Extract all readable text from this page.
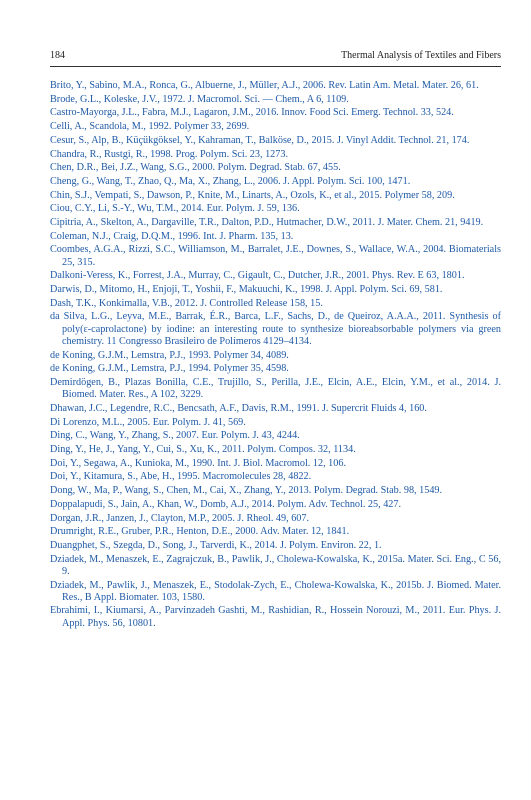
184	Thermal Analysis of Textiles and Fibers
Brito, Y., Sabino, M.A., Ronca, G., Albuerne, J., Müller, A.J., 2006. Rev. Latin Am. Metal. Mater. 26, 61.
Brode, G.L., Koleske, J.V., 1972. J. Macromol. Sci. — Chem., A 6, 1109.
Castro-Mayorga, J.L., Fabra, M.J., Lagaron, J.M., 2016. Innov. Food Sci. Emerg. Technol. 33, 524.
Celli, A., Scandola, M., 1992. Polymer 33, 2699.
Cesur, S., Alp, B., Küçükgöksel, Y., Kahraman, T., Balköse, D., 2015. J. Vinyl Addit. Technol. 21, 174.
Chandra, R., Rustgi, R., 1998. Prog. Polym. Sci. 23, 1273.
Chen, D.R., Bei, J.Z., Wang, S.G., 2000. Polym. Degrad. Stab. 67, 455.
Cheng, G., Wang, T., Zhao, Q., Ma, X., Zhang, L., 2006. J. Appl. Polym. Sci. 100, 1471.
Chin, S.J., Vempati, S., Dawson, P., Knite, M., Linarts, A., Ozols, K., et al., 2015. Polymer 58, 209.
Ciou, C.Y., Li, S.-Y., Wu, T.M., 2014. Eur. Polym. J. 59, 136.
Cipitria, A., Skelton, A., Dargaville, T.R., Dalton, P.D., Hutmacher, D.W., 2011. J. Mater. Chem. 21, 9419.
Coleman, N.J., Craig, D.Q.M., 1996. Int. J. Pharm. 135, 13.
Coombes, A.G.A., Rizzi, S.C., Williamson, M., Barralet, J.E., Downes, S., Wallace, W.A., 2004. Biomaterials 25, 315.
Dalkoni-Veress, K., Forrest, J.A., Murray, C., Gigault, C., Dutcher, J.R., 2001. Phys. Rev. E 63, 1801.
Darwis, D., Mitomo, H., Enjoji, T., Yoshii, F., Makuuchi, K., 1998. J. Appl. Polym. Sci. 69, 581.
Dash, T.K., Konkimalla, V.B., 2012. J. Controlled Release 158, 15.
da Silva, L.G., Leyva, M.E., Barrak, É.R., Barca, L.F., Sachs, D., de Queiroz, A.A.A., 2011. Synthesis of poly(ε-caprolactone) by iodine: an interesting route to synthesize bioreabsorbable polymers via green chemistry. 11 Congresso Brasileiro de Polímeros 4129–4134.
de Koning, G.J.M., Lemstra, P.J., 1993. Polymer 34, 4089.
de Koning, G.J.M., Lemstra, P.J., 1994. Polymer 35, 4598.
Demirdögen, B., Plazas Bonilla, C.E., Trujillo, S., Perilla, J.E., Elcin, A.E., Elcin, Y.M., et al., 2014. J. Biomed. Mater. Res., A 102, 3229.
Dhawan, J.C., Legendre, R.C., Bencsath, A.F., Davis, R.M., 1991. J. Supercrit Fluids 4, 160.
Di Lorenzo, M.L., 2005. Eur. Polym. J. 41, 569.
Ding, C., Wang, Y., Zhang, S., 2007. Eur. Polym. J. 43, 4244.
Ding, Y., He, J., Yang, Y., Cui, S., Xu, K., 2011. Polym. Compos. 32, 1134.
Doi, Y., Segawa, A., Kunioka, M., 1990. Int. J. Biol. Macromol. 12, 106.
Doi, Y., Kitamura, S., Abe, H., 1995. Macromolecules 28, 4822.
Dong, W., Ma, P., Wang, S., Chen, M., Cai, X., Zhang, Y., 2013. Polym. Degrad. Stab. 98, 1549.
Doppalapudi, S., Jain, A., Khan, W., Domb, A.J., 2014. Polym. Adv. Technol. 25, 427.
Dorgan, J.R., Janzen, J., Clayton, M.P., 2005. J. Rheol. 49, 607.
Drumright, R.E., Gruber, P.R., Henton, D.E., 2000. Adv. Mater. 12, 1841.
Duangphet, S., Szegda, D., Song, J., Tarverdi, K., 2014. J. Polym. Environ. 22, 1.
Dziadek, M., Menaszek, E., Zagrajczuk, B., Pawlik, J., Cholewa-Kowalska, K., 2015a. Mater. Sci. Eng., C 56, 9.
Dziadek, M., Pawlik, J., Menaszek, E., Stodolak-Zych, E., Cholewa-Kowalska, K., 2015b. J. Biomed. Mater. Res., B Appl. Biomater. 103, 1580.
Ebrahimi, I., Kiumarsi, A., Parvinzadeh Gashti, M., Rashidian, R., Hossein Norouzi, M., 2011. Eur. Phys. J. Appl. Phys. 56, 10801.
